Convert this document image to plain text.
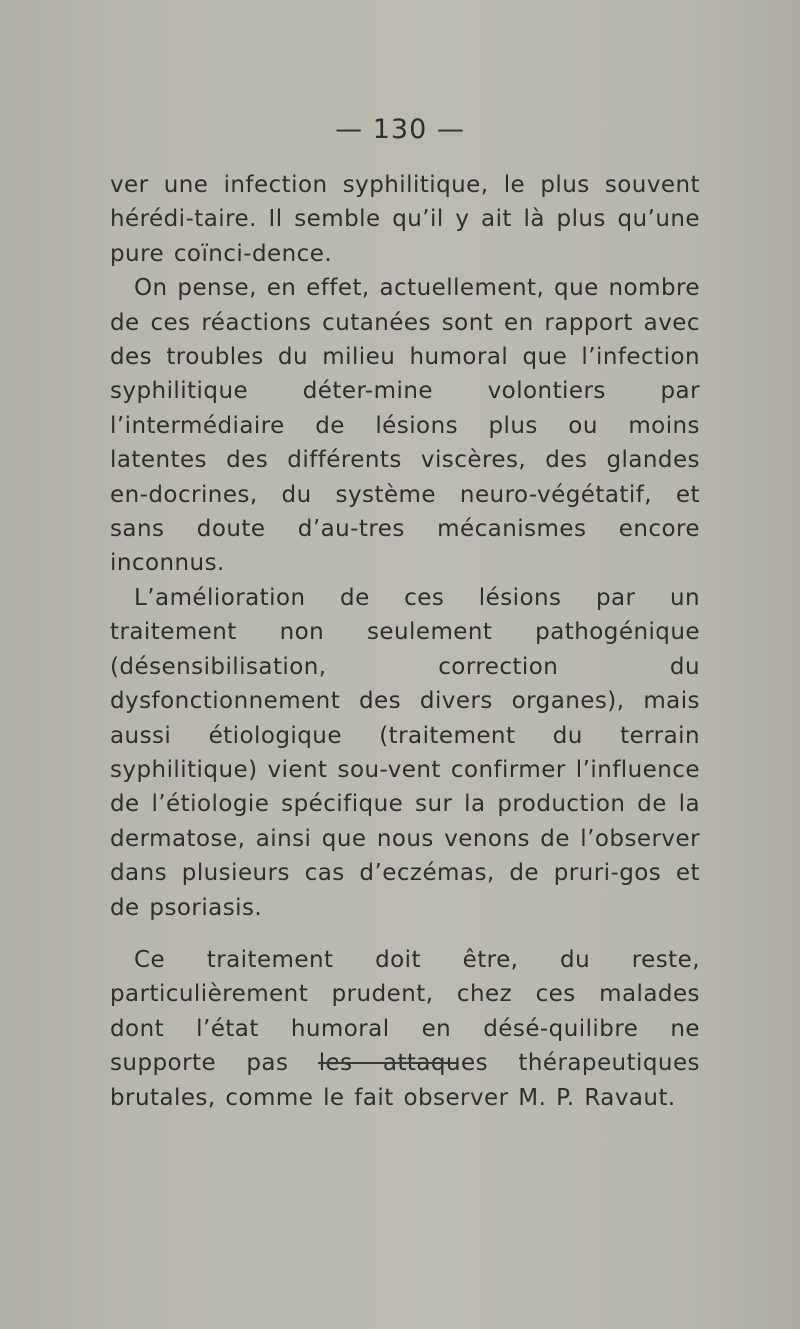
— 130 —

ver une infection syphilitique, le plus souvent hérédi-taire. Il semble qu’il y ait là plus qu’une pure coïnci-dence.

On pense, en effet, actuellement, que nombre de ces réactions cutanées sont en rapport avec des troubles du milieu humoral que l’infection syphilitique déter-mine volontiers par l’intermédiaire de lésions plus ou moins latentes des différents viscères, des glandes en-docrines, du système neuro-végétatif, et sans doute d’au-tres mécanismes encore inconnus.

L’amélioration de ces lésions par un traitement non seulement pathogénique (désensibilisation, correction du dysfonctionnement des divers organes), mais aussi étiologique (traitement du terrain syphilitique) vient sou-vent confirmer l’influence de l’étiologie spécifique sur la production de la dermatose, ainsi que nous venons de l’observer dans plusieurs cas d’eczémas, de pruri-gos et de psoriasis.

Ce traitement doit être, du reste, particulièrement prudent, chez ces malades dont l’état humoral en désé-quilibre ne supporte pas les attaques thérapeutiques brutales, comme le fait observer M. P. Ravaut.
